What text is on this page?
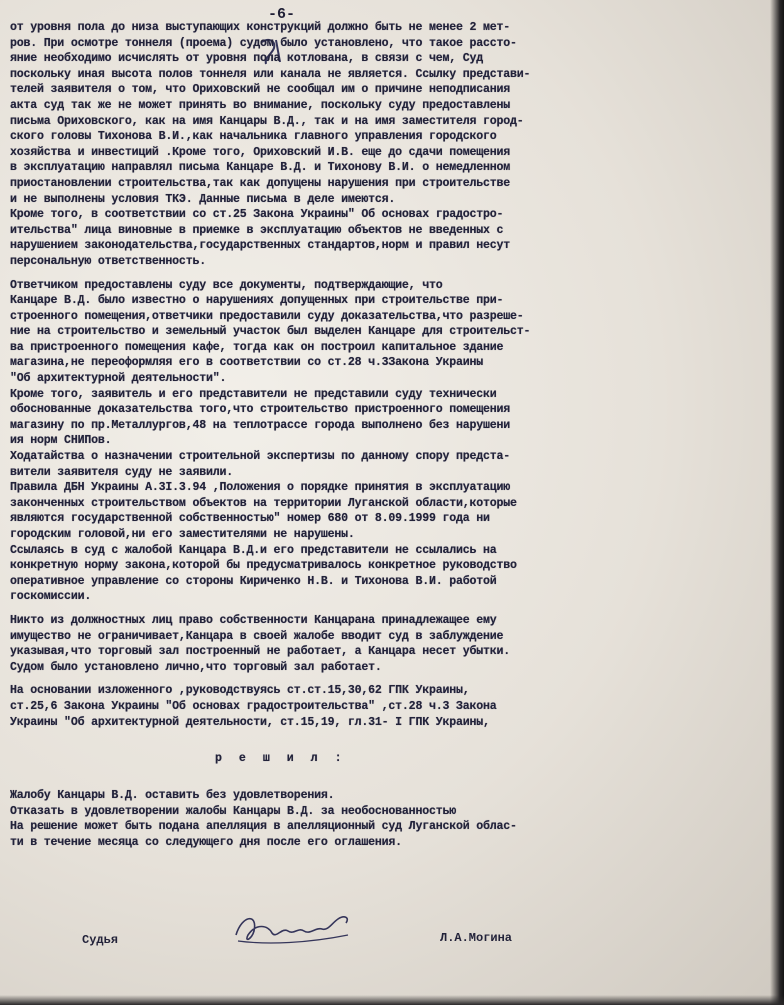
-6-
от уровня пола до низа выступающих конструкций должно быть не менее 2 мет-
ров. При осмотре тоннеля (проема) судом было установлено, что такое рассто-
яние необходимо исчислять от уровня пола котлована, в связи с чем, Суд
поскольку иная высота полов тоннеля или канала не является. Ссылку представи-
телей заявителя о том, что Ориховский не сообщал им о причине неподписания
акта суд так же не может принять во внимание, поскольку суду предоставлены
письма Ориховского, как на имя Канцары В.Д., так и на имя заместителя город-
ского головы Тихонова В.И.,как начальника главного управления городского
хозяйства и инвестиций .Кроме того, Ориховский И.В. еще до сдачи помещения
в эксплуатацию направлял письма Канцаре В.Д. и Тихонову В.И. о немедленном
приостановлении строительства,так как допущены нарушения при строительстве
и не выполнены условия ТКЭ. Данные письма в деле имеются.
Кроме того, в соответствии со ст.25 Закона Украины" Об основах градостро-
ительства" лица виновные в приемке в эксплуатацию объектов не введенных с
нарушением законодательства,государственных стандартов,норм и правил несут
персональную ответственность.
Ответчиком предоставлены суду все документы, подтверждающие, что
Канцаре В.Д. было известно о нарушениях допущенных при строительстве при-
строенного помещения,ответчики предоставили суду доказательства,что разреше-
ние на строительство и земельный участок был выделен Канцаре для строительст-
ва пристроенного помещения кафе, тогда как он построил капитальное здание
магазина,не переоформляя его в соответствии со ст.28 ч.3Закона Украины
"Об архитектурной деятельности".
Кроме того, заявитель и его представители не представили суду технически
обоснованные доказательства того,что строительство пристроенного помещения
магазину по пр.Металлургов,48 на теплотрассе города выполнено без нарушени
ия норм СНИПов.
Ходатайства о назначении строительной экспертизы по данному спору предста-
вители заявителя суду не заявили.
Правила ДБН Украины А.3I.3.94 ,Положения о порядке принятия в эксплуатацию
законченных строительством объектов на территории Луганской области,которые
являются государственной собственностью" номер 680 от 8.09.1999 года ни
городским головой,ни его заместителями не нарушены.
Ссылаясь в суд с жалобой Канцара В.Д.и его представители не ссылались на
конкретную норму закона,которой бы предусматривалось конкретное руководство
оперативное управление со стороны Кириченко Н.В. и Тихонова В.И. работой
госкомиссии.
Никто из должностных лиц право собственности Канцарана принадлежащее ему
имущество не ограничивает,Канцара в своей жалобе вводит суд в заблуждение
указывая,что торговый зал построенный не работает, а Канцара несет убытки.
Судом было установлено лично,что торговый зал работает.
На основании изложенного ,руководствуясь ст.ст.15,30,62 ГПК Украины,
ст.25,6 Закона Украины "Об основах градостроительства" ,ст.28 ч.3 Закона
Украины "Об архитектурной деятельности, ст.15,19, гл.31- I ГПК Украины,
р е ш и л :
Жалобу Канцары В.Д. оставить без удовлетворения.
Отказать в удовлетворении жалобы Канцары В.Д. за необоснованностью
На решение может быть подана апелляция в апелляционный суд Луганской облас-
ти в течение месяца со следующего дня после его оглашения.
Судья	Л.А.Могина
